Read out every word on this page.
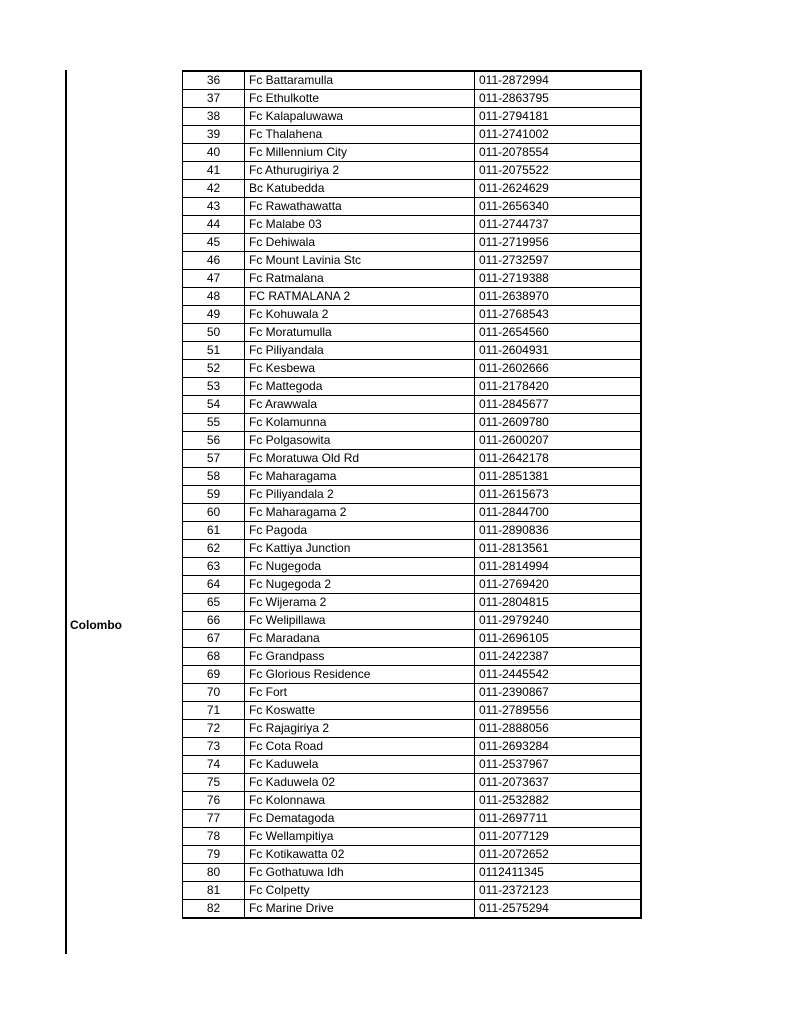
Colombo
36	Fc Battaramulla	011-2872994
37	Fc Ethulkotte	011-2863795
38	Fc Kalapaluwawa	011-2794181
39	Fc Thalahena	011-2741002
40	Fc Millennium City	011-2078554
41	Fc Athurugiriya 2	011-2075522
42	Bc Katubedda	011-2624629
43	Fc Rawathawatta	011-2656340
44	Fc Malabe 03	011-2744737
45	Fc Dehiwala	011-2719956
46	Fc Mount Lavinia Stc	011-2732597
47	Fc Ratmalana	011-2719388
48	FC RATMALANA 2	011-2638970
49	Fc Kohuwala 2	011-2768543
50	Fc Moratumulla	011-2654560
51	Fc Piliyandala	011-2604931
52	Fc Kesbewa	011-2602666
53	Fc Mattegoda	011-2178420
54	Fc Arawwala	011-2845677
55	Fc Kolamunna	011-2609780
56	Fc Polgasowita	011-2600207
57	Fc Moratuwa Old Rd	011-2642178
58	Fc Maharagama	011-2851381
59	Fc Piliyandala 2	011-2615673
60	Fc Maharagama 2	011-2844700
61	Fc Pagoda	011-2890836
62	Fc Kattiya Junction	011-2813561
63	Fc Nugegoda	011-2814994
64	Fc Nugegoda 2	011-2769420
65	Fc Wijerama 2	011-2804815
66	Fc Welipillawa	011-2979240
67	Fc Maradana	011-2696105
68	Fc Grandpass	011-2422387
69	Fc Glorious Residence	011-2445542
70	Fc Fort	011-2390867
71	Fc Koswatte	011-2789556
72	Fc Rajagiriya 2	011-2888056
73	Fc Cota Road	011-2693284
74	Fc Kaduwela	011-2537967
75	Fc Kaduwela 02	011-2073637
76	Fc Kolonnawa	011-2532882
77	Fc Dematagoda	011-2697711
78	Fc Wellampitiya	011-2077129
79	Fc Kotikawatta 02	011-2072652
80	Fc Gothatuwa Idh	0112411345
81	Fc Colpetty	011-2372123
82	Fc Marine Drive	011-2575294
